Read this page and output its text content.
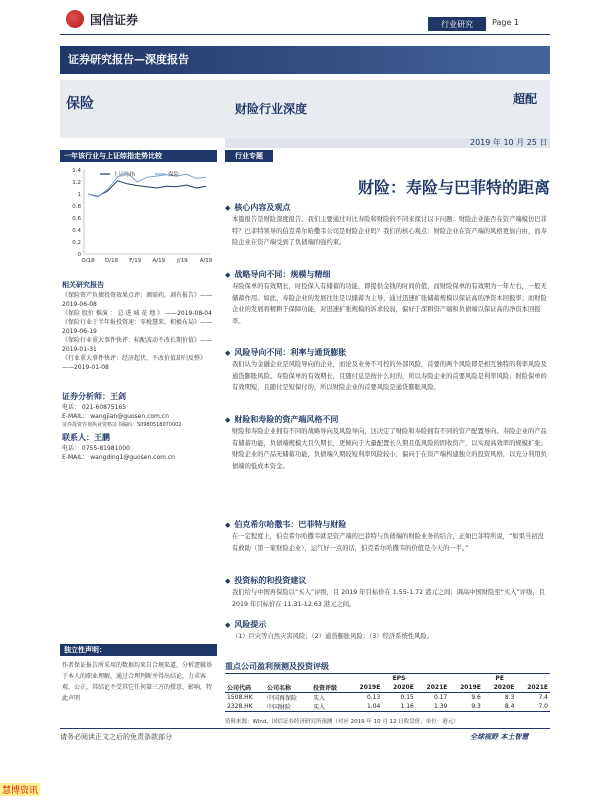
国信证券	行业研究	Page 1
证券研究报告—深度报告
保险	财险行业深度
超配
2019 年 10 月 25 日
一年该行业与上证综指走势比较
0
0.2
0.4
0.6
0.8
1
1.2
1.4
O/18 D/18 F/19 A/19 J/19 A/19
上证综指	保险
相关研究报告
《保险资产负债投资效果点评：调需药，剥有报告》——2019-06-08
《保险 股价 推演 ： 总 进 城 花 地 》 ——2019-08-04
《保险行业于半年报投资速：零税慧来、积极布局》——2019-06-19
《保险行业重大事件快评：标配波动不改长期价值》——2019-01-31
《行业重大事件快评：经济起伏、不改价值却归反整》——2019-01-08
证券分析师：王剑
电话： 021-60875165
E-MAIL： wangjian@guosen.com.cn
证券投资咨询执业资格证书编码：S0980518070002
联系人：王鹏
电话： 0755-81981000
E-MAIL： wangding1@guosen.com.cn
独立性声明：
作者保证报告所采用的数据均来自合规渠道，分析逻辑基于本人的职业理解，通过合理判断并得出结论，力求客观、公正，其结论不受其它任何第三方的授意、影响，特此声明
行业专题
财险：寿险与巴菲特的距离
◆ 核心内容及观点
本篇报告是财险深度报告。我们主要通过对比寿险和财险的不同来探讨以下问题：财险企业能否在资产端模仿巴菲特？巴菲特领导的伯克希尔哈撒韦公司是财险企业吗？我们的核心观点：财险企业在资产端的风格更加自由，而寿险企业在资产端受到了负债端的强约束。
◆ 战略导向不同：规模与精细
寿险保单的有效期长，时投保人有储蓄的功能，即提供金钱的时间价值，而财险保单的有效期为一年左右，一般无储蓄作用。如此，寿险企业的发展往往是以储蓄为主导，通过迅速扩张储蓄规模以保证高的净资本回报率；而财险企业的发展将精耕于保障功能，对迅速扩张规模的诉求较弱，偏好于深耕资产端和负债端以保证高的净资本回报率。
◆ 风险导向不同：利率与通货膨胀
我们认为金融企业是风险导向的企业，而论及业务不可控的外部风险，首要的两个风险即是相互独特的利率风险及通货膨胀风险。寿险保单的有效期长，且随付息是按什么时的，所以寿险企业的首要风险是利率风险；财险保单的有效期短，且随付是短保付的，所以财险企业的首要风险是通货膨胀风险。
◆ 财险和寿险的资产端风格不同
财险和寿险企业拥有不同的战略导向及风险导向，这决定了财险和寿险拥有不同的资产配置导向。寿险企业的产品有储蓄功能，负债端规模大且久期长，更倾向于大量配置长久期且低风险的固收资产，以实现高效率的规模扩张；财险企业的产品无储蓄功能，负债端久期较短利率风险较小，偏向于在资产端构建独立的投资风格，以充分利用负债端的低成本资金。
◆ 伯克希尔哈撒韦：巴菲特与财险
在一定程度上，伯克希尔哈撒韦就是资产端的巴菲特与负债端的财险业务的结合，正如巴菲特所说，“如果当初没有救助（第一家财险企业），运气好一点的话，伯克希尔哈撒韦的价值是今天的一半。”
◆ 投资标的和投资建议
我们给与中国再保险以“买入”评级，且 2019 年目标价在 1.55-1.72 港元之间；调高中国财险至“买入”评级，且 2019 年目标价在 11.31-12.63 港元之间。
◆ 风险提示
（1）巨灾等自然灾害风险；（2）通货膨胀风险；（3）经济系统性风险。
重点公司盈利预测及投资评级
			EPS			PE		
公司代码	公司名称	投资评级	2019E	2020E	2021E	2019E	2020E	2021E
1508.HK	中国再保险	买入	0.13	0.15	0.17	9.6	8.3	7.4
2328.HK	中国财险	买入	1.04	1.16	1.39	9.3	8.4	7.0
资料来源：Wind、国信证券经济研究所预测（对应 2019 年 10 月 12 日收盘价，单位：港元）
请务必阅读正文之后的免责条款部分	全球视野 本土智慧
慧博资讯
